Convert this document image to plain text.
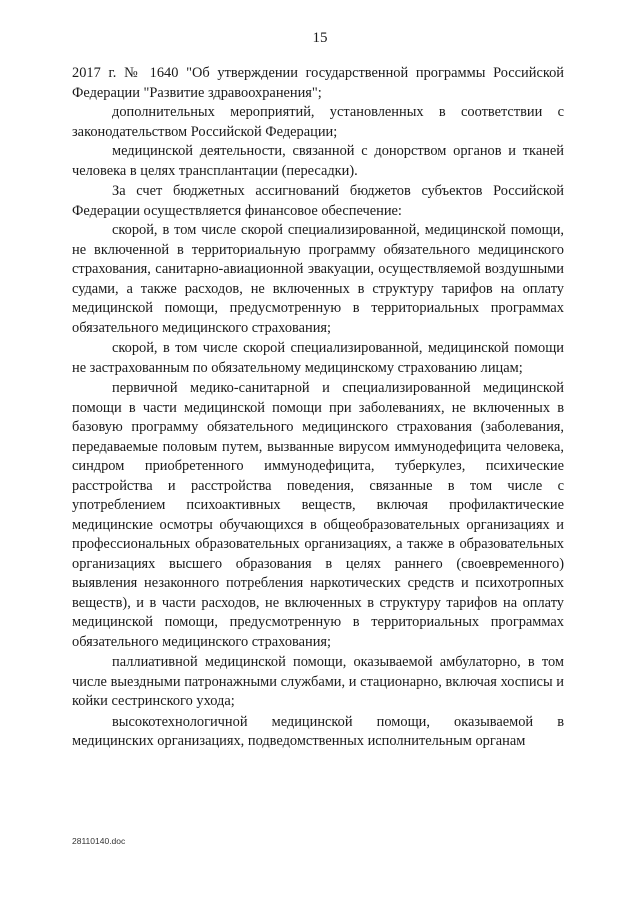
15

2017 г. № 1640 "Об утверждении государственной программы Российской Федерации "Развитие здравоохранения";

дополнительных мероприятий, установленных в соответствии с законодательством Российской Федерации;

медицинской деятельности, связанной с донорством органов и тканей человека в целях трансплантации (пересадки).

За счет бюджетных ассигнований бюджетов субъектов Российской Федерации осуществляется финансовое обеспечение:

скорой, в том числе скорой специализированной, медицинской помощи, не включенной в территориальную программу обязательного медицинского страхования, санитарно-авиационной эвакуации, осуществляемой воздушными судами, а также расходов, не включенных в структуру тарифов на оплату медицинской помощи, предусмотренную в территориальных программах обязательного медицинского страхования;

скорой, в том числе скорой специализированной, медицинской помощи не застрахованным по обязательному медицинскому страхованию лицам;

первичной медико-санитарной и специализированной медицинской помощи в части медицинской помощи при заболеваниях, не включенных в базовую программу обязательного медицинского страхования (заболевания, передаваемые половым путем, вызванные вирусом иммунодефицита человека, синдром приобретенного иммунодефицита, туберкулез, психические расстройства и расстройства поведения, связанные в том числе с употреблением психоактивных веществ, включая профилактические медицинские осмотры обучающихся в общеобразовательных организациях и профессиональных образовательных организациях, а также в образовательных организациях высшего образования в целях раннего (своевременного) выявления незаконного потребления наркотических средств и психотропных веществ), и в части расходов, не включенных в структуру тарифов на оплату медицинской помощи, предусмотренную в территориальных программах обязательного медицинского страхования;

паллиативной медицинской помощи, оказываемой амбулаторно, в том числе выездными патронажными службами, и стационарно, включая хосписы и койки сестринского ухода;

высокотехнологичной медицинской помощи, оказываемой в медицинских организациях, подведомственных исполнительным органам

28110140.doc
